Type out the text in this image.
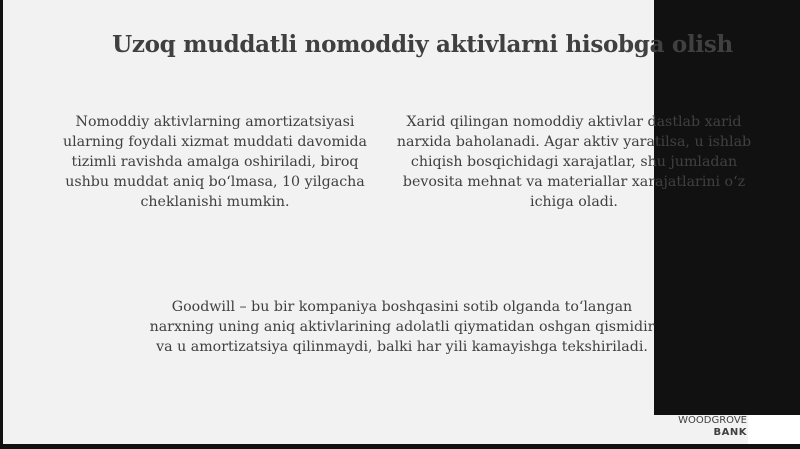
Uzoq muddatli nomoddiy aktivlarni hisobga olish

Nomoddiy aktivlarning amortizatsiyasi ularning foydali xizmat muddati davomida tizimli ravishda amalga oshiriladi, biroq ushbu muddat aniq bo‘lmasa, 10 yilgacha cheklanishi mumkin.

Xarid qilingan nomoddiy aktivlar dastlab xarid narxida baholanadi. Agar aktiv yaratilsa, u ishlab chiqish bosqichidagi xarajatlar, shu jumladan bevosita mehnat va materiallar xarajatlarini o‘z ichiga oladi.

Goodwill – bu bir kompaniya boshqasini sotib olganda to‘langan narxning uning aniq aktivlarining adolatli qiymatidan oshgan qismidir va u amortizatsiya qilinmaydi, balki har yili kamayishga tekshiriladi.

WOODGROVE
BANK
